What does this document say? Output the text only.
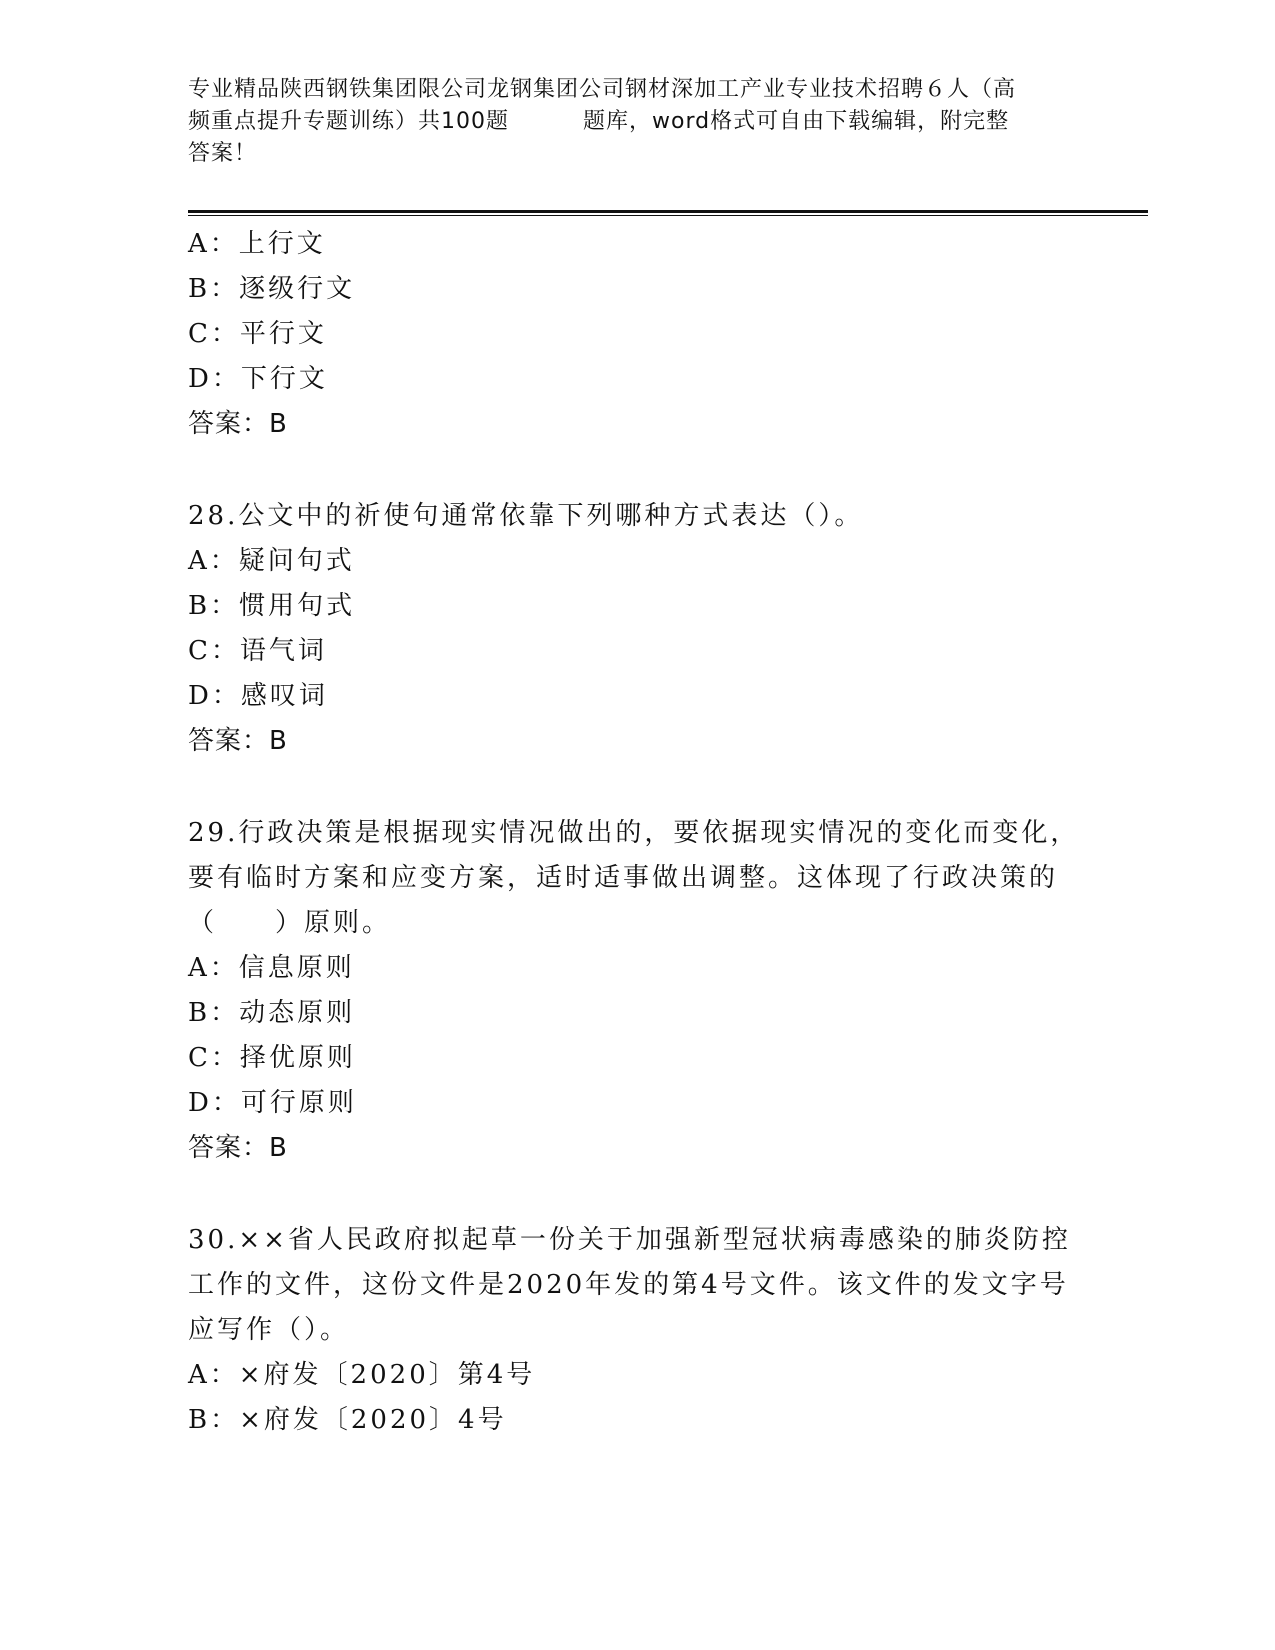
专业精品陕西钢铁集团限公司龙钢集团公司钢材深加工产业专业技术招聘６人（高
频重点提升专题训练）共100题	题库，word格式可自由下载编辑，附完整
答案！
A：上行文
B：逐级行文
C：平行文
D：下行文
答案：B
28.公文中的祈使句通常依靠下列哪种方式表达（）。
A：疑问句式
B：惯用句式
C：语气词
D：感叹词
答案：B
29.行政决策是根据现实情况做出的，要依据现实情况的变化而变化，
要有临时方案和应变方案，适时适事做出调整。这体现了行政决策的
（　　）原则。
A：信息原则
B：动态原则
C：择优原则
D：可行原则
答案：B
30.××省人民政府拟起草一份关于加强新型冠状病毒感染的肺炎防控
工作的文件，这份文件是2020年发的第4号文件。该文件的发文字号
应写作（）。
A：×府发〔2020〕第4号
B：×府发〔2020〕4号
